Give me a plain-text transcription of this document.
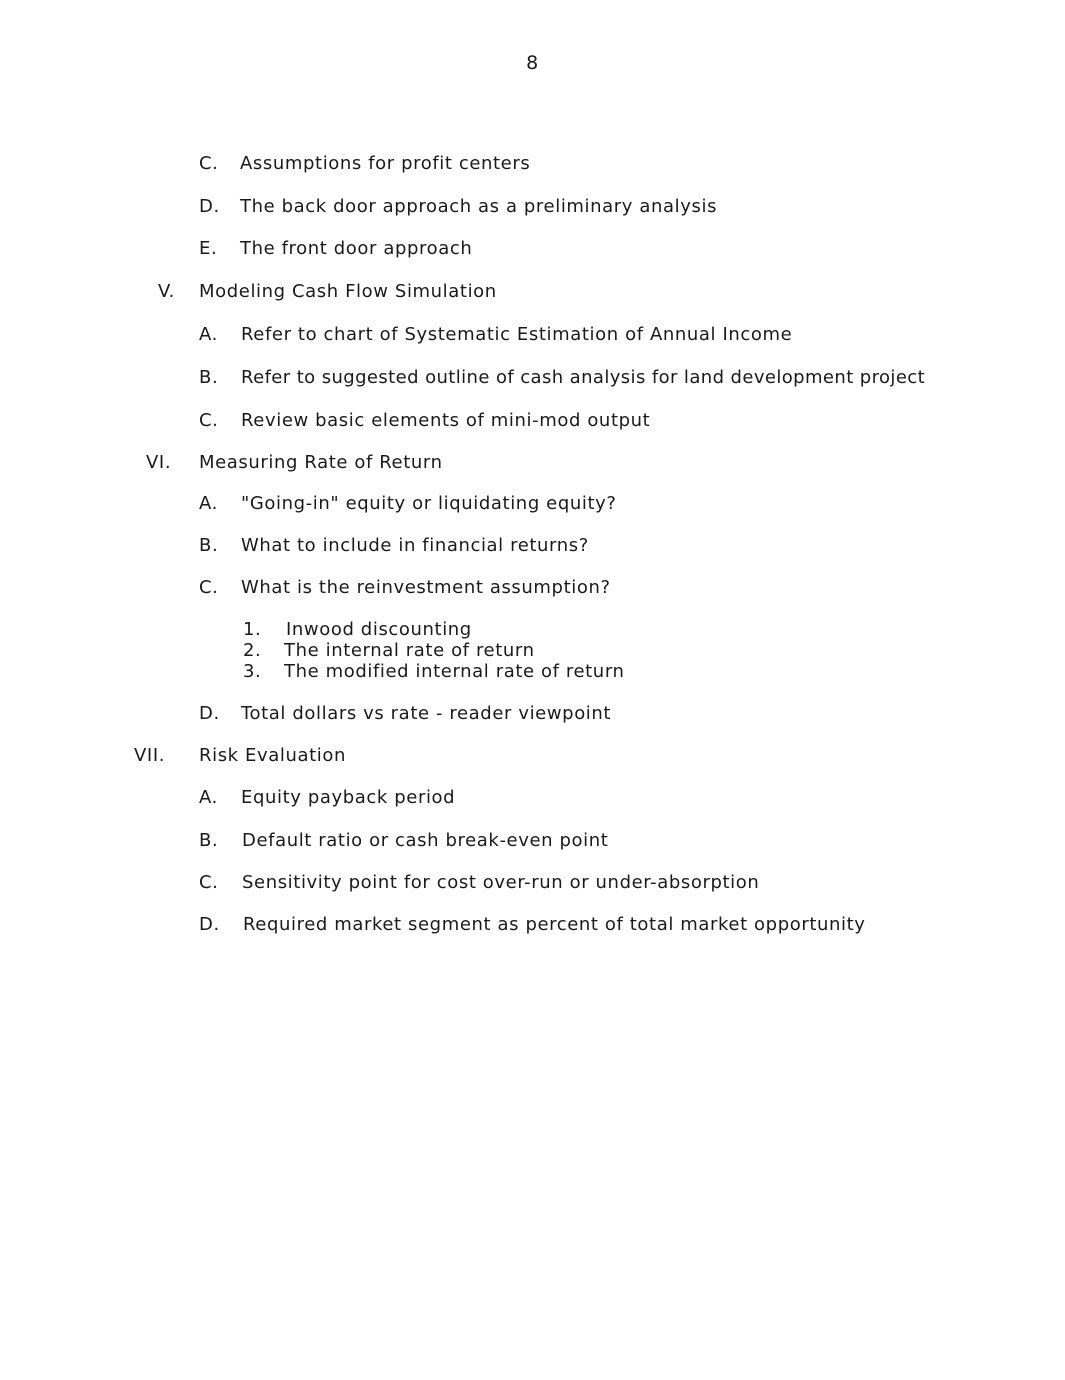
8
C. Assumptions for profit centers
D. The back door approach as a preliminary analysis
E. The front door approach
V. Modeling Cash Flow Simulation
A. Refer to chart of Systematic Estimation of Annual Income
B. Refer to suggested outline of cash analysis for land development project
C. Review basic elements of mini-mod output
VI. Measuring Rate of Return
A. "Going-in" equity or liquidating equity?
B. What to include in financial returns?
C. What is the reinvestment assumption?
1. Inwood discounting
2. The internal rate of return
3. The modified internal rate of return
D. Total dollars vs rate - reader viewpoint
VII. Risk Evaluation
A. Equity payback period
B. Default ratio or cash break-even point
C. Sensitivity point for cost over-run or under-absorption
D. Required market segment as percent of total market opportunity
